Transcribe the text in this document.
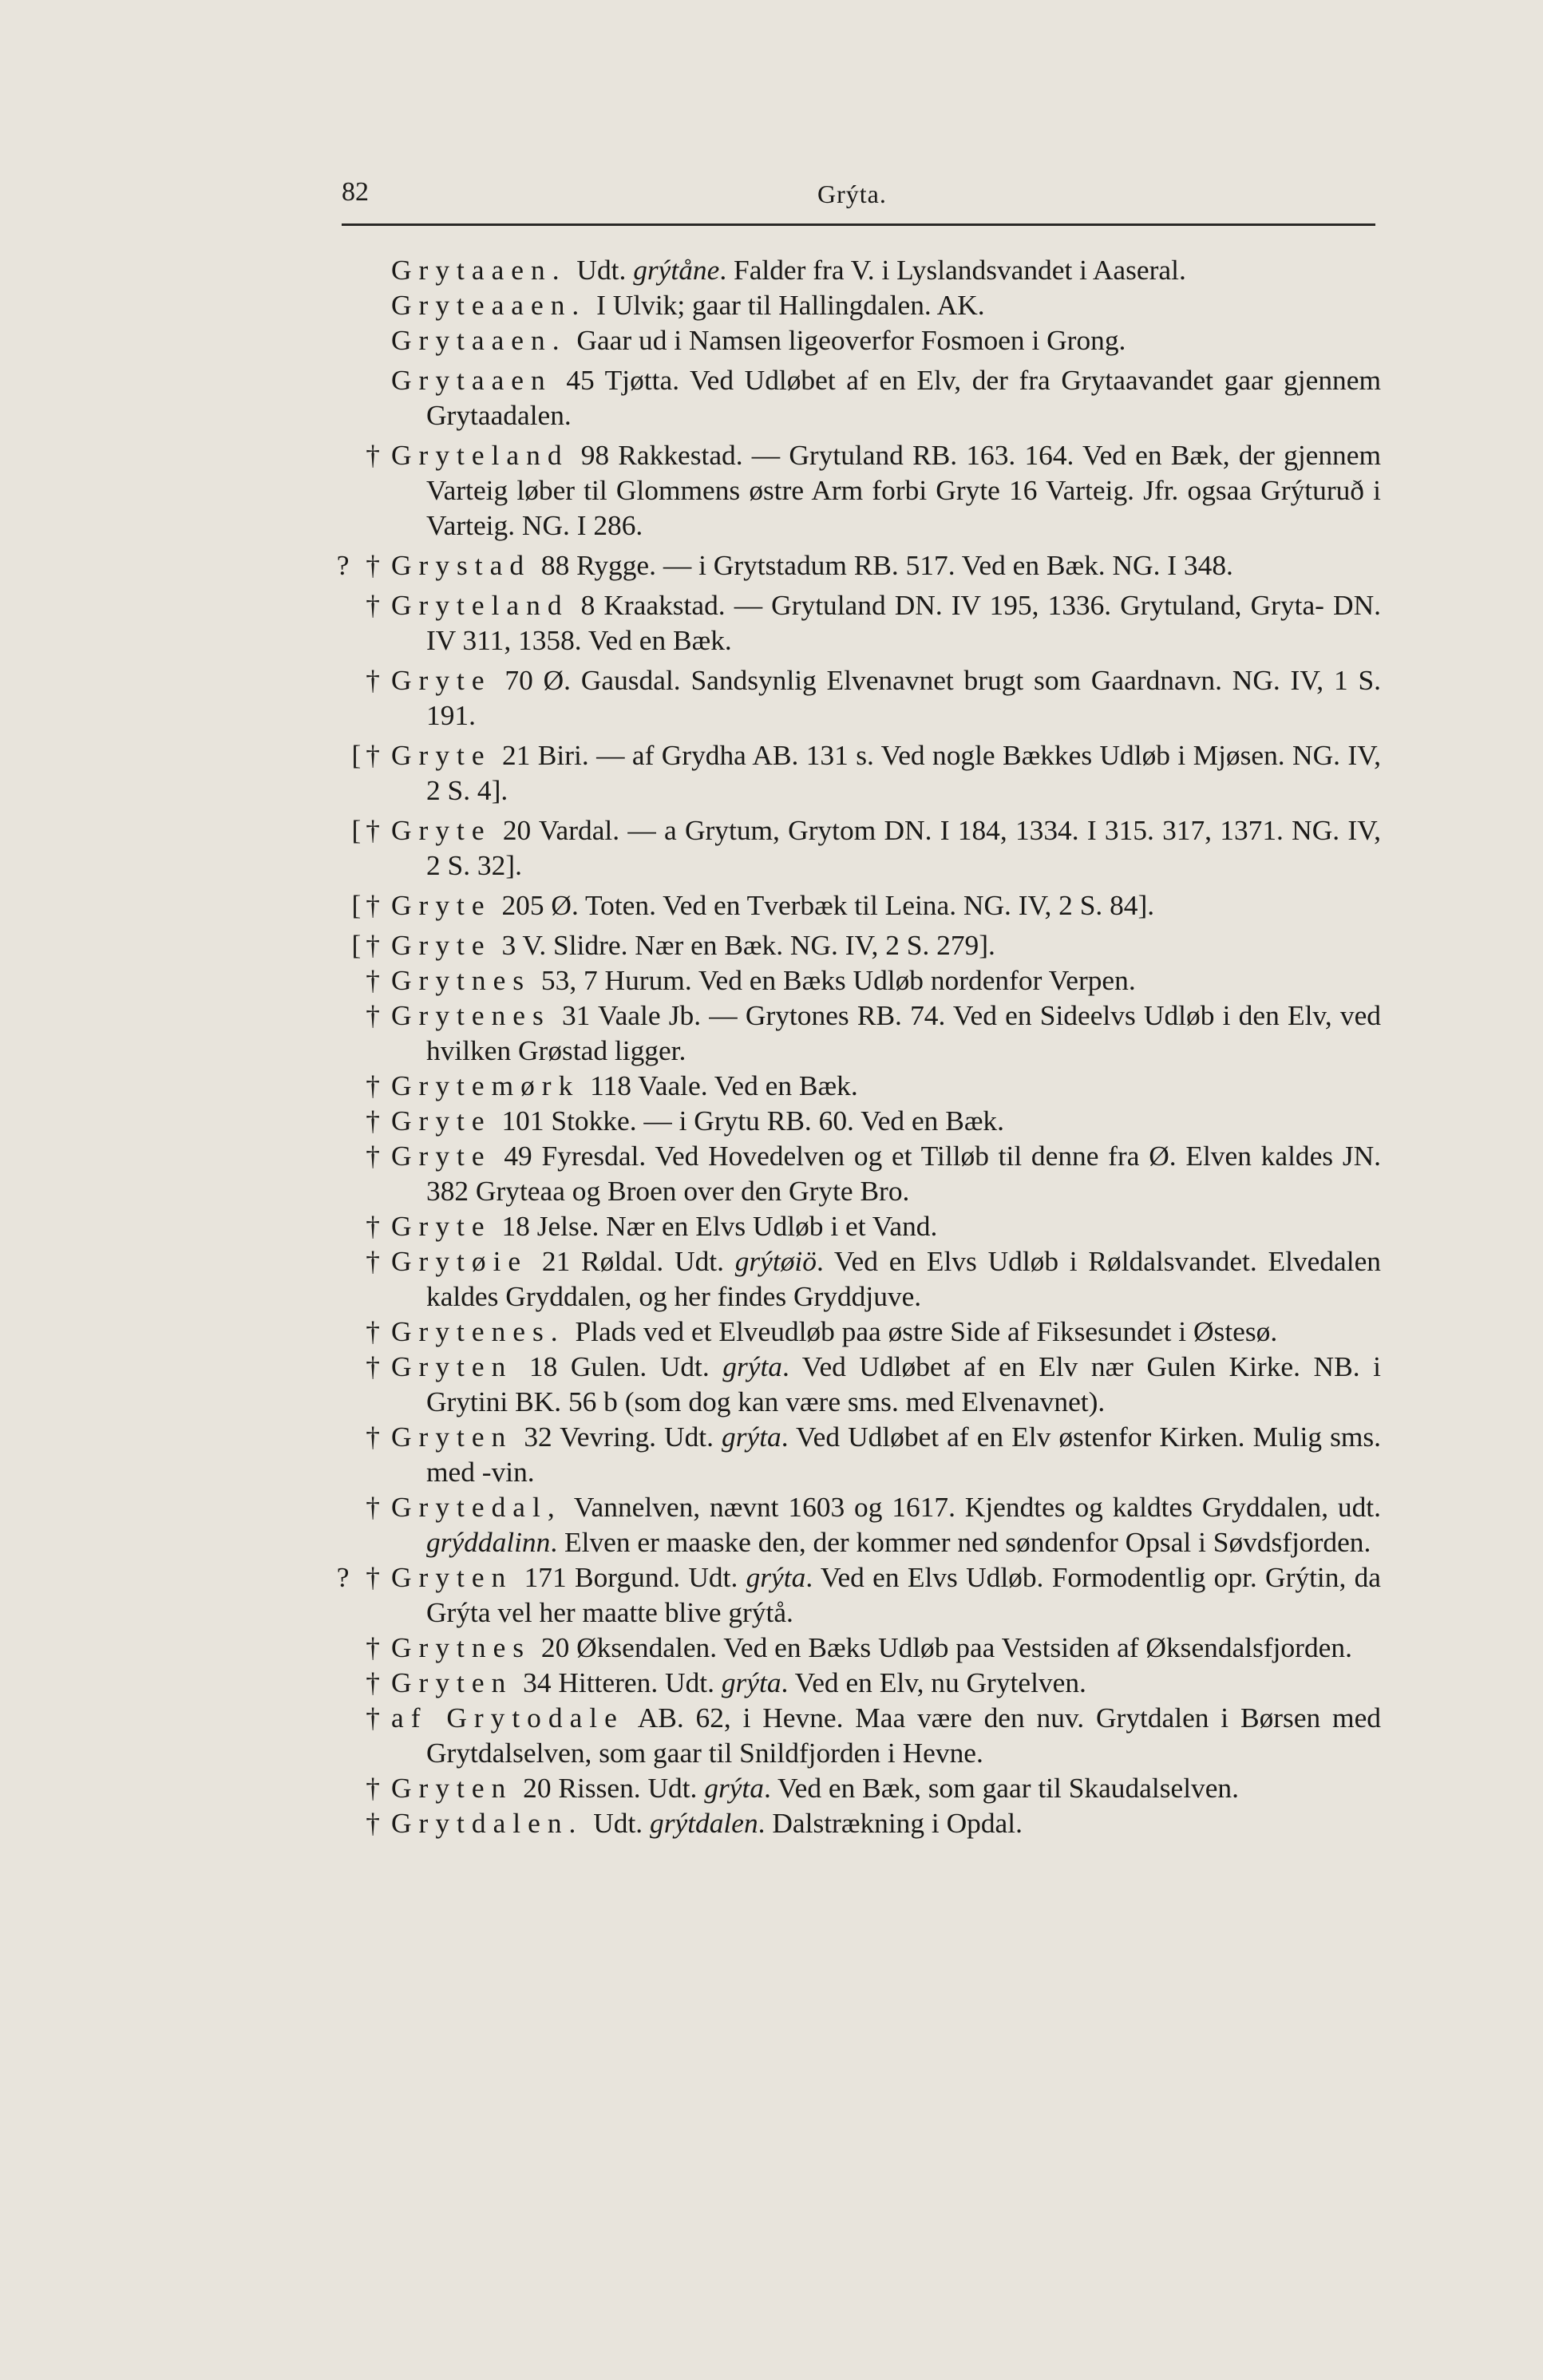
82	Grýta.
Grytaaen. Udt. grýtåne. Falder fra V. i Lyslandsvandet i Aaseral.
Gryteaaen. I Ulvik; gaar til Hallingdalen. AK.
Grytaaen. Gaar ud i Namsen ligeoverfor Fosmoen i Grong.
Grytaaen 45 Tjøtta. Ved Udløbet af en Elv, der fra Grytaavandet gaar gjennem Grytaadalen.
† Gryteland 98 Rakkestad. — Grytuland RB. 163. 164. Ved en Bæk, der gjennem Varteig løber til Glommens østre Arm forbi Gryte 16 Varteig. Jfr. ogsaa Grýturuð i Varteig. NG. I 286.
? † Grystad 88 Rygge. — i Grytstadum RB. 517. Ved en Bæk. NG. I 348.
† Gryteland 8 Kraakstad. — Grytuland DN. IV 195, 1336. Grytuland, Gryta- DN. IV 311, 1358. Ved en Bæk.
† Gryte 70 Ø. Gausdal. Sandsynlig Elvenavnet brugt som Gaardnavn. NG. IV, 1 S. 191.
[† Gryte 21 Biri. — af Grydha AB. 131 s. Ved nogle Bækkes Udløb i Mjøsen. NG. IV, 2 S. 4].
[† Gryte 20 Vardal. — a Grytum, Grytom DN. I 184, 1334. I 315. 317, 1371. NG. IV, 2 S. 32].
[† Gryte 205 Ø. Toten. Ved en Tverbæk til Leina. NG. IV, 2 S. 84].
[† Gryte 3 V. Slidre. Nær en Bæk. NG. IV, 2 S. 279].
† Grytnes 53, 7 Hurum. Ved en Bæks Udløb nordenfor Verpen.
† Grytenes 31 Vaale Jb. — Grytones RB. 74. Ved en Sideelvs Udløb i den Elv, ved hvilken Grøstad ligger.
† Grytemørk 118 Vaale. Ved en Bæk.
† Gryte 101 Stokke. — i Grytu RB. 60. Ved en Bæk.
† Gryte 49 Fyresdal. Ved Hovedelven og et Tilløb til denne fra Ø. Elven kaldes JN. 382 Gryteaa og Broen over den Gryte Bro.
† Gryte 18 Jelse. Nær en Elvs Udløb i et Vand.
† Grytøie 21 Røldal. Udt. grýtøiö. Ved en Elvs Udløb i Røldalsvandet. Elvedalen kaldes Gryddalen, og her findes Gryddjuve.
† Grytenes. Plads ved et Elveudløb paa østre Side af Fiksesundet i Østesø.
† Gryten 18 Gulen. Udt. grýta. Ved Udløbet af en Elv nær Gulen Kirke. NB. i Grytini BK. 56 b (som dog kan være sms. med Elvenavnet).
† Gryten 32 Vevring. Udt. grýta. Ved Udløbet af en Elv østenfor Kirken. Mulig sms. med -vin.
† Grytedal, Vannelven, nævnt 1603 og 1617. Kjendtes og kaldtes Gryddalen, udt. grýddalinn. Elven er maaske den, der kommer ned søndenfor Opsal i Søvdsfjorden.
? † Gryten 171 Borgund. Udt. grýta. Ved en Elvs Udløb. Formodentlig opr. Grýtin, da Grýta vel her maatte blive grýtå.
† Grytnes 20 Øksendalen. Ved en Bæks Udløb paa Vestsiden af Øksendalsfjorden.
† Gryten 34 Hitteren. Udt. grýta. Ved en Elv, nu Grytelven.
† af Grytodale AB. 62, i Hevne. Maa være den nuv. Grytdalen i Børsen med Grytdalselven, som gaar til Snildfjorden i Hevne.
† Gryten 20 Rissen. Udt. grýta. Ved en Bæk, som gaar til Skaudalselven.
† Grytdalen. Udt. grýtdalen. Dalstrækning i Opdal.
